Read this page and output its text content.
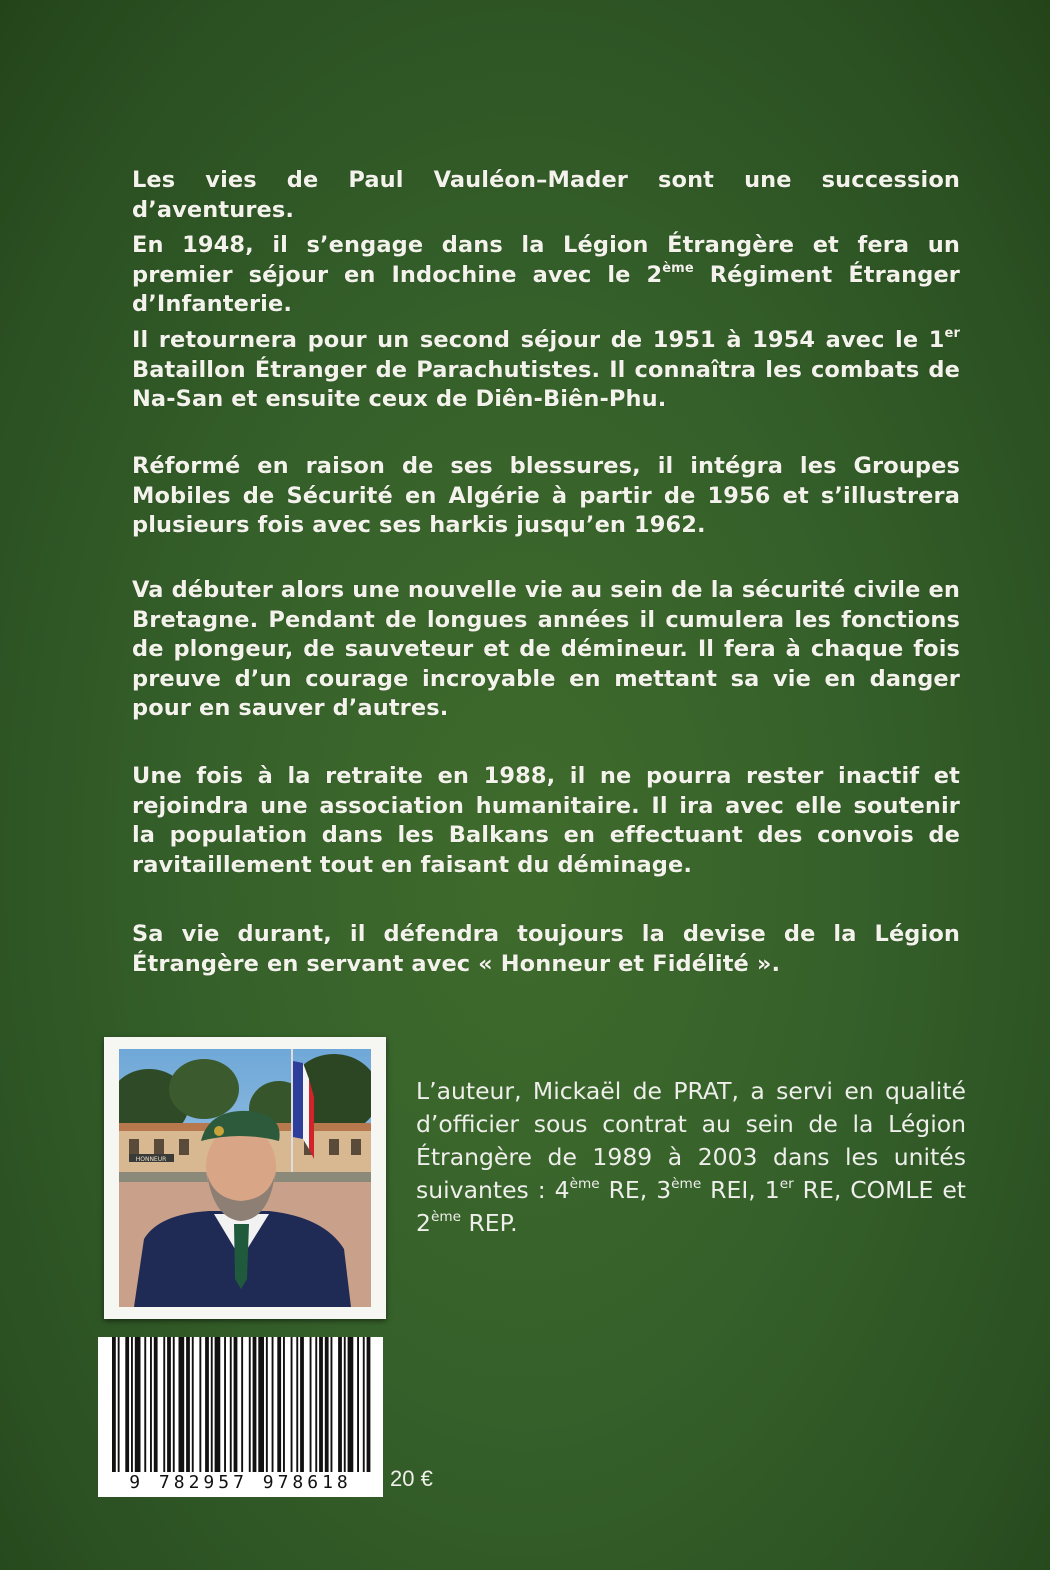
Les vies de Paul Vauléon–Mader sont une succession d’aventures.

En 1948, il s’engage dans la Légion Étrangère et fera un premier séjour en Indochine avec le 2ème Régiment Étranger d’Infanterie.

Il retournera pour un second séjour de 1951 à 1954 avec le 1er Bataillon Étranger de Parachutistes. Il connaîtra les combats de Na-San et ensuite ceux de Diên-Biên-Phu.

Réformé en raison de ses blessures, il intégra les Groupes Mobiles de Sécurité en Algérie à partir de 1956 et s’illustrera plusieurs fois avec ses harkis jusqu’en 1962.

Va débuter alors une nouvelle vie au sein de la sécurité civile en Bretagne. Pendant de longues années il cumulera les fonctions de plongeur, de sauveteur et de démineur. Il fera à chaque fois preuve d’un courage incroyable en mettant sa vie en danger pour en sauver d’autres.

Une fois à la retraite en 1988, il ne pourra rester inactif et rejoindra une association humanitaire. Il ira avec elle soutenir la population dans les Balkans en effectuant des convois de ravitaillement tout en faisant du déminage.

Sa vie durant, il défendra toujours la devise de la Légion Étrangère en servant avec « Honneur et Fidélité ».

HONNEUR

L’auteur, Mickaël de PRAT, a servi en qualité d’officier sous contrat au sein de la Légion Étrangère de 1989 à 2003 dans les unités suivantes : 4ème RE, 3ème REI, 1er RE, COMLE et 2ème REP.

9 782957 978618	20 €
